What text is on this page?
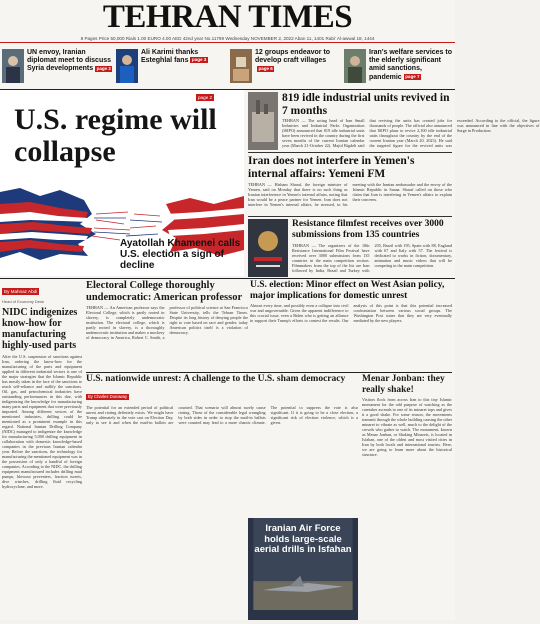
TEHRAN TIMES
8 Pages Price 50,000 Rials 1.00 EURO 4.00 AED 42nd year No.11799 Wednesday NOVEMBER 2, 2022 Aban 11, 1401 Rabi' Al-awwal 18, 1444
UN envoy, Iranian diplomat meet to discuss Syria developments page 2
Ali Karimi thanks Esteghlal fans page 3
12 groups endeavor to develop craft villagespage 6
Iran's welfare services to the elderly significant amid sanctions, pandemic page 7
page 2
U.S. regime will collapse
Ayatollah Khamenei calls U.S. election a sign of decline
819 idle industrial units revived in 7 months
TEHRAN — The acting head of Iran Small Industries and Industrial Parks Organization (ISIPO) announced that 819 idle industrial units have been revived in the country during the first seven months of the current Iranian calendar year (March 21-October 22). Majid Bigdeli said that reviving the units has created jobs for thousands of people. The official also announced that ISIPO plans to revive 2,100 idle industrial units throughout the country by the end of the current Iranian year (March 20, 2023). He said the targeted figure for the revived units was exceeded. According to the official, the figure was announced in line with the objectives of Surge in Production.
Iran does not interfere in Yemen's internal affairs: Yemeni FM
TEHRAN — Hisham Sharaf, the foreign minister of Yemen, said on Monday that there is no such thing as Iranian interference in Yemen's internal affairs, noting that Iran would be a peace partner for Yemen. Iran does not interfere in Yemen's internal affairs, he stressed, in his meeting with the Iranian ambassador and the envoy of the Islamic Republic in Sanaa. Sharaf called on those who claim that Iran is interfering in Yemen's affairs to explain their concerns.
Resistance filmfest receives over 3000 submissions from 135 countries
TEHRAN — The organizers of the 18th Resistance International Film Festival have received over 3000 submissions from 135 countries in the main competition section. Filmmakers from the top of the list are Iran followed by India, Brazil and Turkey with 205, Brazil with 195, Spain with 88, England with 67 and Italy with 57. The festival is dedicated to works in fiction, documentary, animation and music videos that will be competing in the main competition.
By Mahnaz Abdi
Head of Economy Desk
NIDC indigenizes know-how for manufacturing highly-used parts
After the U.S. suspension of sanctions against Iran, ordering the know-how for the manufacturing of the parts and equipment applied in different industrial sectors is one of the major strategies that the Islamic Republic has mostly taken in the face of the sanctions to reach self-reliance and nullify the sanctions. Oil, gas, and petrochemical industries have outstanding performances in this due, with indigenizing the knowledge for manufacturing many parts and equipment that were previously imported. Among different sectors of the mentioned industries, drilling could be mentioned as a prominent example in this regard. National Iranian Drilling Company (NIDC) managed to indigenize the knowledge for manufacturing 5,000 drilling equipment in collaboration with domestic knowledge-based companies in the previous Iranian calendar year. Before the sanctions, the technology for manufacturing the mentioned equipment was in the possession of only a handful of foreign companies. According to the NIDC, the drilling equipment manufactured includes drilling mud pumps, blowout preventers, fraction turrets, dive winches, drilling fluid recycling hydrocyclone, and more.
Electoral College thoroughly undemocratic: American professor
TEHRAN — An American professor says the Electoral College, which is partly rooted in slavery, is completely undemocratic institution. The electoral college, which is partly rooted in slavery, is a thoroughly undemocratic institution and makes a mockery of democracy in America, Robert C. Smith, a professor of political science at San Francisco State University, tells the Tehran Times. Despite its long history of denying people the right to vote based on race and gender, today American politics itself is a violation of democracy.
U.S. election: Minor effect on West Asian policy, major implications for domestic unrest
Almost every time, and possibly even a collapse into civil war and ungovernable. Given the apparent indifference to this crucial issue, even a Biden who is getting an alliance to support their Trump's efforts to contest the results. Our analysis of this point is that this potential increased confrontation between various social groups. The Washington Post states that they are very eventually mediated by the new players.
U.S. nationwide unrest: A challenge to the U.S. sham democracy
By Charles Dunaway
The potential for an extended period of political unrest and rioting definitely exists. We might have Trump ultimately in the vote cast on Election Day, only to see it and when the mail-in ballots are counted. That scenario will almost surely cause rioting. Those of the considerable legal wrangling by both sides in order to stop the mail-in ballots were counted may lead to a more chaotic climate. The potential to suppress the vote is also significant. If it is going to be a close election, a significant risk of election violence, which is a given.
Menar Jonban: they really shake!
Visitors flock from across Iran to this tiny Islamic monument for the odd purpose of watching as the caretaker ascends to one of its minaret tops and gives it a good shake. For some reason, the movements transmit through the whole building causing the other minaret to vibrate as well, much to the delight of the crowds who gather to watch. The monument, known as Menar Jonban, or Shaking Minarets, is located in Isfahan, one of the oldest and most visited cities in Iran by both locals and international tourists. Here, we are going to learn more about the historical structure.
Iranian Air Force holds large-scale aerial drills in Isfahan
